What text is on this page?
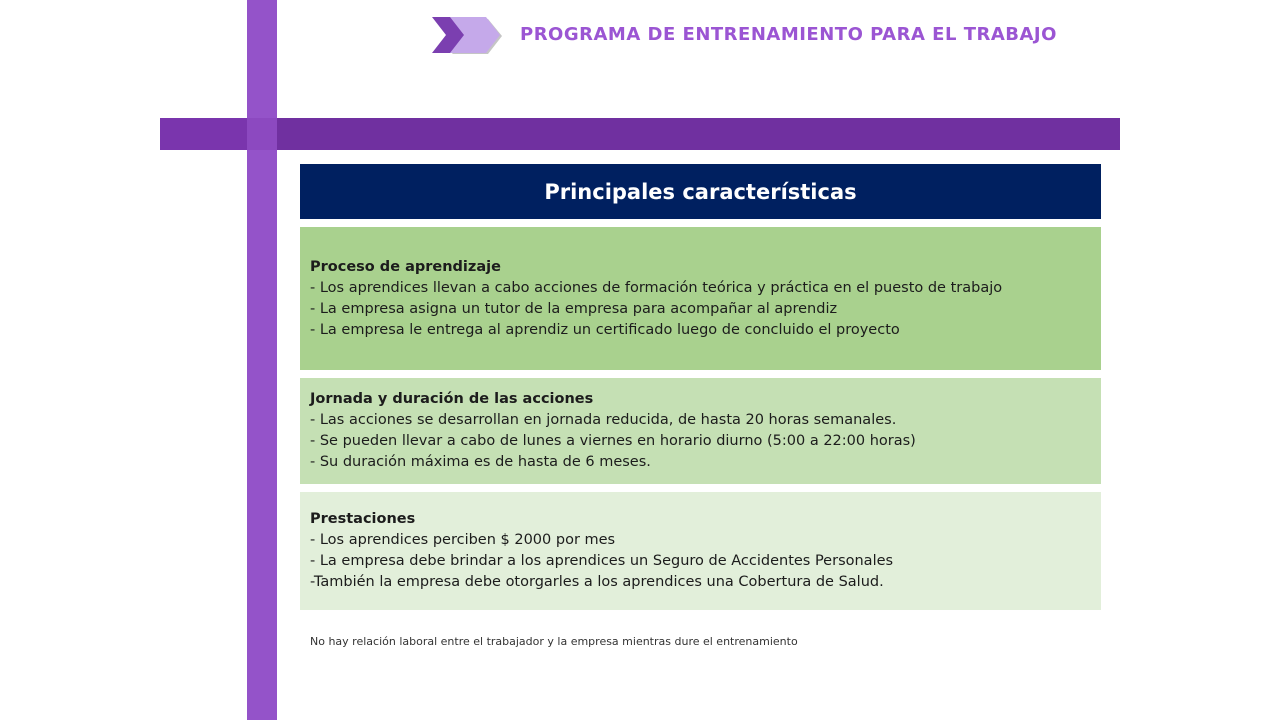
PROGRAMA DE ENTRENAMIENTO PARA EL TRABAJO
Principales características
Proceso de aprendizaje
- Los aprendices llevan a cabo acciones de formación teórica y práctica en el puesto de trabajo
- La empresa asigna un tutor de la empresa para acompañar al aprendiz
- La empresa le entrega al aprendiz un certificado luego de concluido el proyecto
Jornada y duración de las acciones
- Las acciones se desarrollan en jornada reducida, de hasta 20 horas semanales.
- Se pueden llevar a cabo de lunes a viernes en horario diurno (5:00 a 22:00 horas)
- Su duración máxima es de hasta de 6 meses.
Prestaciones
- Los aprendices perciben $ 2000 por mes
- La empresa debe brindar a los aprendices un Seguro de Accidentes Personales
-También la empresa debe otorgarles a los aprendices una Cobertura de Salud.
No hay relación laboral entre el trabajador y la empresa mientras dure el entrenamiento
